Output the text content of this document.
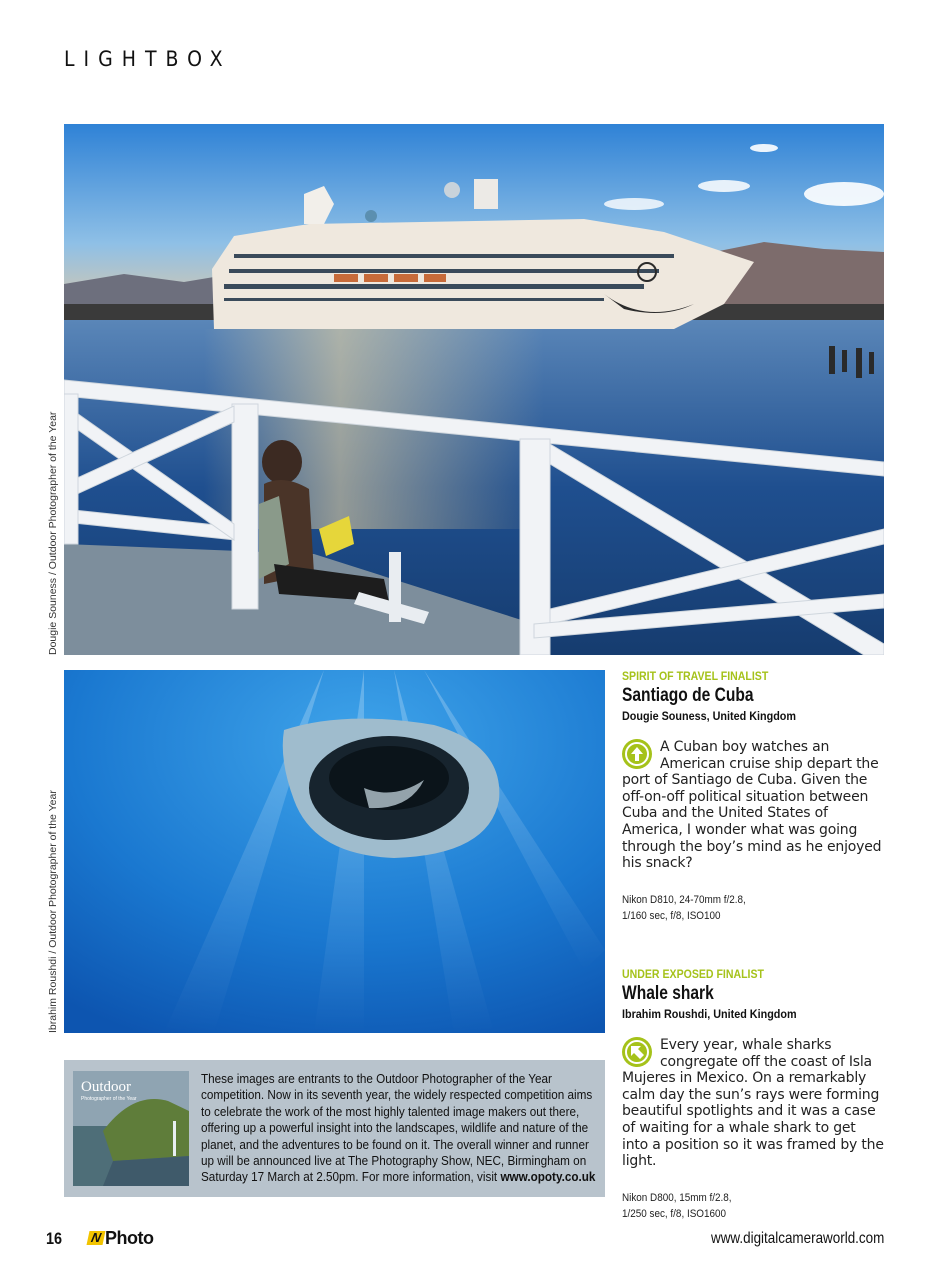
LIGHTBOX
Dougie Souness / Outdoor Photographer of the Year
Ibrahim Roushdi / Outdoor Photographer of the Year
SPIRIT OF TRAVEL FINALIST
Santiago de Cuba
Dougie Souness, United Kingdom
A Cuban boy watches an American cruise ship depart the port of Santiago de Cuba. Given the off-on-off political situation between Cuba and the United States of America, I wonder what was going through the boy’s mind as he enjoyed his snack?
Nikon D810, 24-70mm f/2.8,
1/160 sec, f/8, ISO100
UNDER EXPOSED FINALIST
Whale shark
Ibrahim Roushdi, United Kingdom
Every year, whale sharks congregate off the coast of Isla Mujeres in Mexico. On a remarkably calm day the sun’s rays were forming beautiful spotlights and it was a case of waiting for a whale shark to get into a position so it was framed by the light.
Nikon D800, 15mm f/2.8,
1/250 sec, f/8, ISO1600
Outdoor
Photographer of the Year
These images are entrants to the Outdoor Photographer of the Year competition. Now in its seventh year, the widely respected competition aims to celebrate the work of the most highly talented image makers out there, offering up a powerful insight into the landscapes, wildlife and nature of the planet, and the adventures to be found on it. The overall winner and runner up will be announced live at The Photography Show, NEC, Birmingham on Saturday 17 March at 2.50pm. For more information, visit www.opoty.co.uk
16 N Photo	www.digitalcameraworld.com
